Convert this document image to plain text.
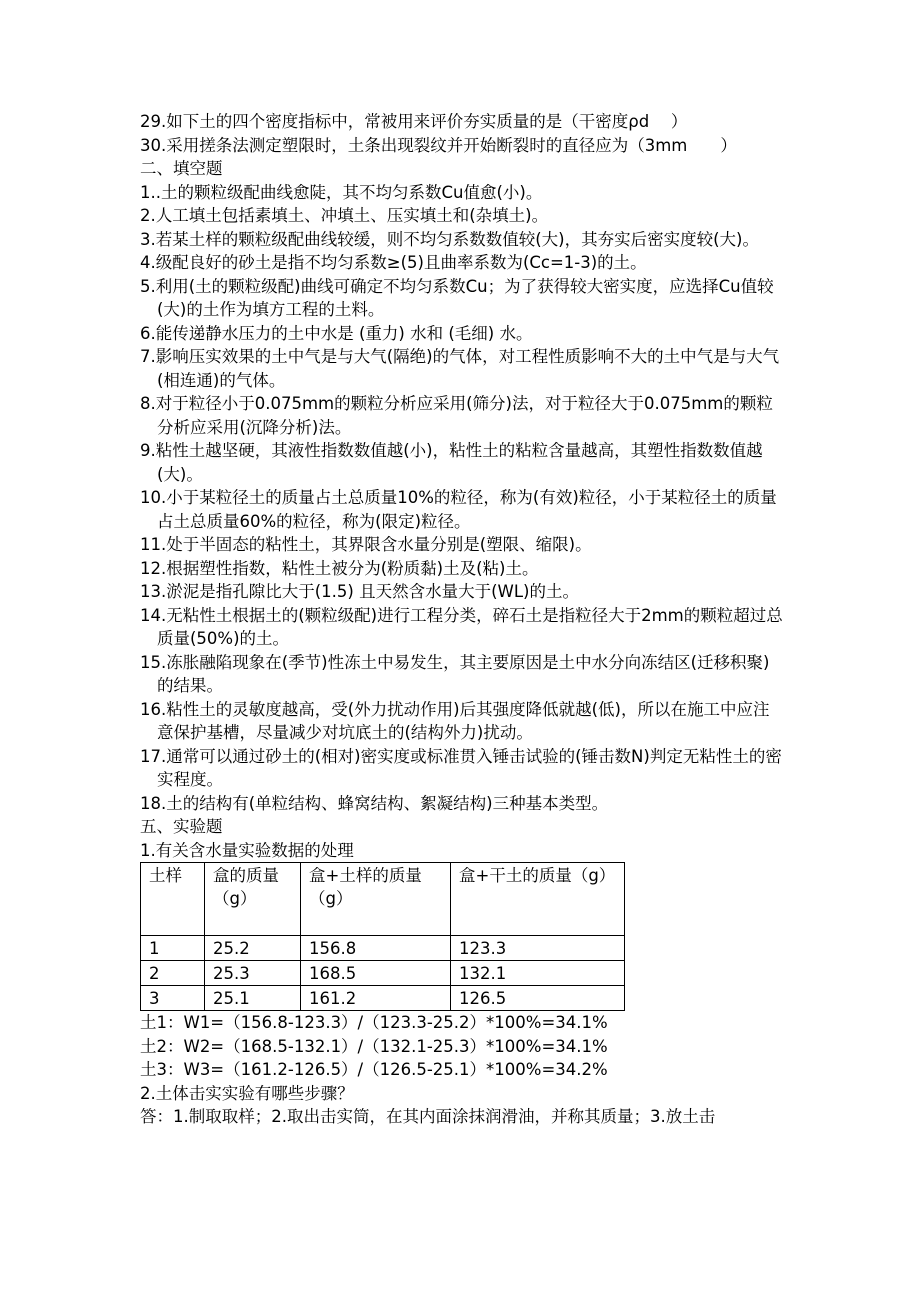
29.如下土的四个密度指标中，常被用来评价夯实质量的是（干密度ρd　 ）

30.采用搓条法测定塑限时，土条出现裂纹并开始断裂时的直径应为（3mm　　）

二、填空题

1..土的颗粒级配曲线愈陡，其不均匀系数Cu值愈(小)。

2.人工填土包括素填土、冲填土、压实填土和(杂填土)。

3.若某土样的颗粒级配曲线较缓，则不均匀系数数值较(大)，其夯实后密实度较(大)。

4.级配良好的砂土是指不均匀系数≥(5)且曲率系数为(Cc=1-3)的土。

5.利用(土的颗粒级配)曲线可确定不均匀系数Cu；为了获得较大密实度，应选择Cu值较(大)的土作为填方工程的土料。

6.能传递静水压力的土中水是 (重力) 水和 (毛细) 水。

7.影响压实效果的土中气是与大气(隔绝)的气体，对工程性质影响不大的土中气是与大气(相连通)的气体。

8.对于粒径小于0.075mm的颗粒分析应采用(筛分)法，对于粒径大于0.075mm的颗粒分析应采用(沉降分析)法。

9.粘性土越坚硬，其液性指数数值越(小)，粘性土的粘粒含量越高，其塑性指数数值越(大)。

10.小于某粒径土的质量占土总质量10%的粒径，称为(有效)粒径，小于某粒径土的质量占土总质量60%的粒径，称为(限定)粒径。

11.处于半固态的粘性土，其界限含水量分别是(塑限、缩限)。

12.根据塑性指数，粘性土被分为(粉质黏)土及(粘)土。

13.淤泥是指孔隙比大于(1.5) 且天然含水量大于(WL)的土。

14.无粘性土根据土的(颗粒级配)进行工程分类，碎石土是指粒径大于2mm的颗粒超过总质量(50%)的土。

15.冻胀融陷现象在(季节)性冻土中易发生，其主要原因是土中水分向冻结区(迁移积聚) 的结果。

16.粘性土的灵敏度越高，受(外力扰动作用)后其强度降低就越(低)，所以在施工中应注意保护基槽，尽量减少对坑底土的(结构外力)扰动。

17.通常可以通过砂土的(相对)密实度或标准贯入锤击试验的(锤击数N)判定无粘性土的密实程度。

18.土的结构有(单粒结构、蜂窝结构、絮凝结构)三种基本类型。

五、实验题

1.有关含水量实验数据的处理

土样	盒的质量（g）	盒+土样的质量（g）	盒+干土的质量（g）
1	25.2	156.8	123.3
2	25.3	168.5	132.1
3	25.1	161.2	126.5

土1：W1=（156.8-123.3）/（123.3-25.2）*100%=34.1%

土2：W2=（168.5-132.1）/（132.1-25.3）*100%=34.1%

土3：W3=（161.2-126.5）/（126.5-25.1）*100%=34.2%

2.土体击实实验有哪些步骤？

答：1.制取取样；2.取出击实筒，在其内面涂抹润滑油，并称其质量；3.放土击
